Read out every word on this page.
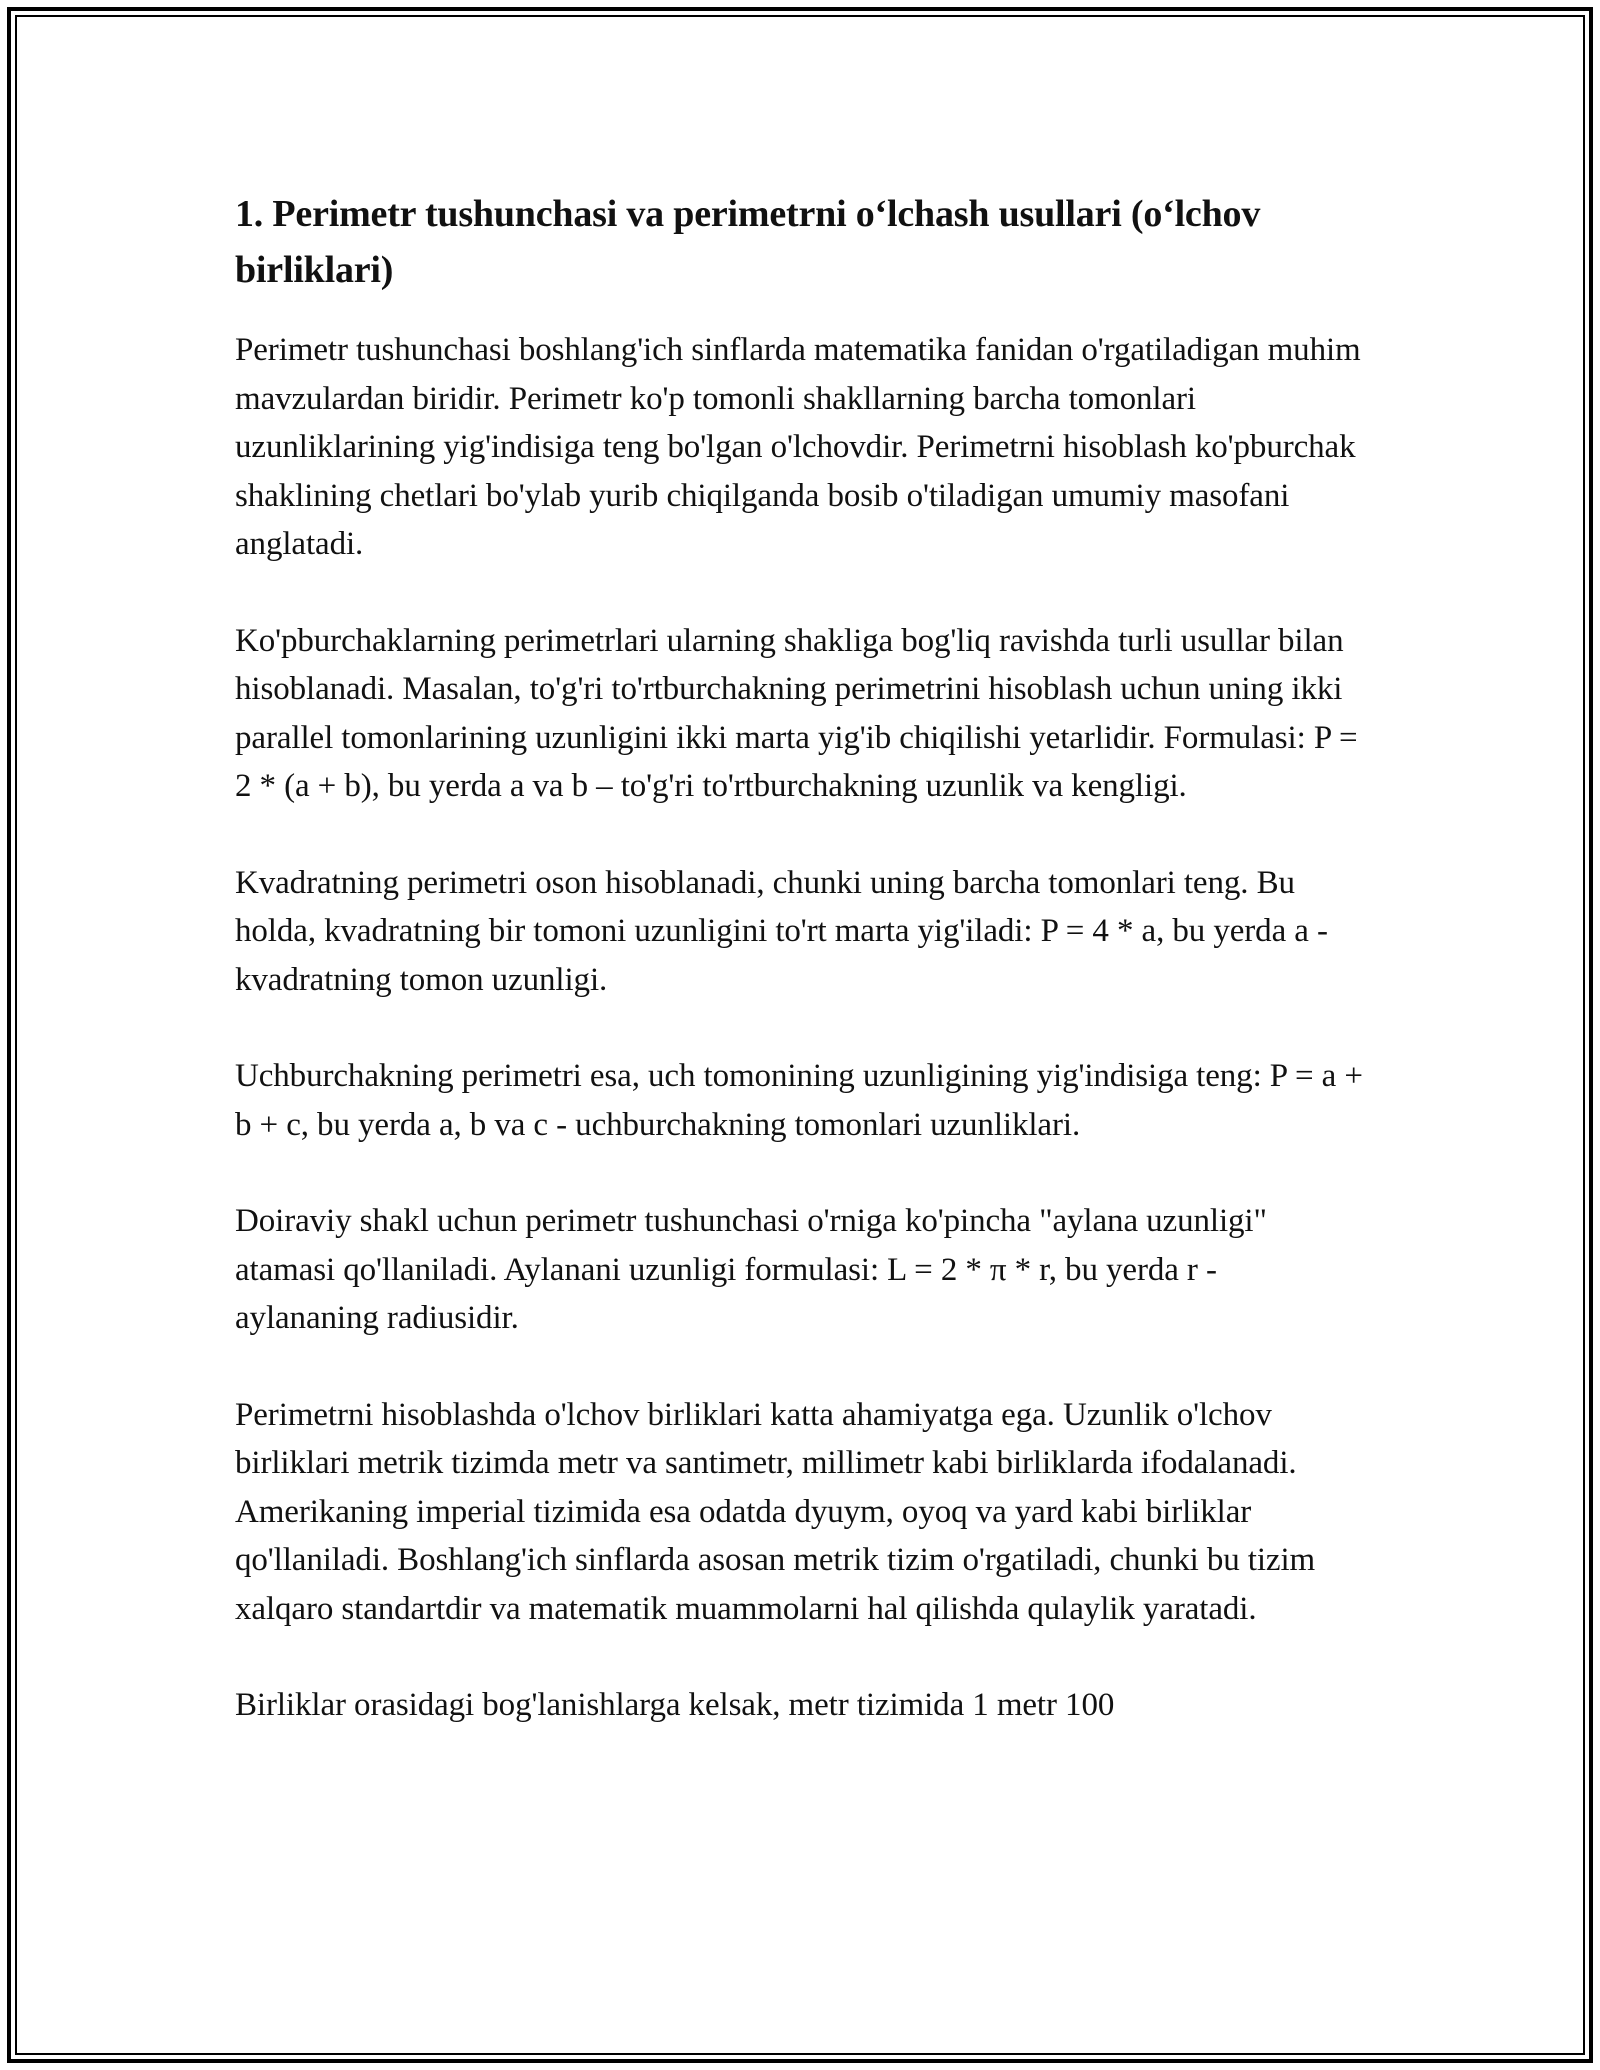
1. Perimetr tushunchasi va perimetrni o‘lchash usullari (o‘lchov birliklari)

Perimetr tushunchasi boshlang'ich sinflarda matematika fanidan o'rgatiladigan muhim mavzulardan biridir. Perimetr ko'p tomonli shakllarning barcha tomonlari uzunliklarining yig'indisiga teng bo'lgan o'lchovdir. Perimetrni hisoblash ko'pburchak shaklining chetlari bo'ylab yurib chiqilganda bosib o'tiladigan umumiy masofani anglatadi.

Ko'pburchaklarning perimetrlari ularning shakliga bog'liq ravishda turli usullar bilan hisoblanadi. Masalan, to'g'ri to'rtburchakning perimetrini hisoblash uchun uning ikki parallel tomonlarining uzunligini ikki marta yig'ib chiqilishi yetarlidir. Formulasi: P = 2 * (a + b), bu yerda a va b – to'g'ri to'rtburchakning uzunlik va kengligi.

Kvadratning perimetri oson hisoblanadi, chunki uning barcha tomonlari teng. Bu holda, kvadratning bir tomoni uzunligini to'rt marta yig'iladi: P = 4 * a, bu yerda a - kvadratning tomon uzunligi.

Uchburchakning perimetri esa, uch tomonining uzunligining yig'indisiga teng: P = a + b + c, bu yerda a, b va c - uchburchakning tomonlari uzunliklari.

Doiraviy shakl uchun perimetr tushunchasi o'rniga ko'pincha "aylana uzunligi" atamasi qo'llaniladi. Aylanani uzunligi formulasi: L = 2 * π * r, bu yerda r - aylananing radiusidir.

Perimetrni hisoblashda o'lchov birliklari katta ahamiyatga ega. Uzunlik o'lchov birliklari metrik tizimda metr va santimetr, millimetr kabi birliklarda ifodalanadi. Amerikaning imperial tizimida esa odatda dyuym, oyoq va yard kabi birliklar qo'llaniladi. Boshlang'ich sinflarda asosan metrik tizim o'rgatiladi, chunki bu tizim xalqaro standartdir va matematik muammolarni hal qilishda qulaylik yaratadi.

Birliklar orasidagi bog'lanishlarga kelsak, metr tizimida 1 metr 100
